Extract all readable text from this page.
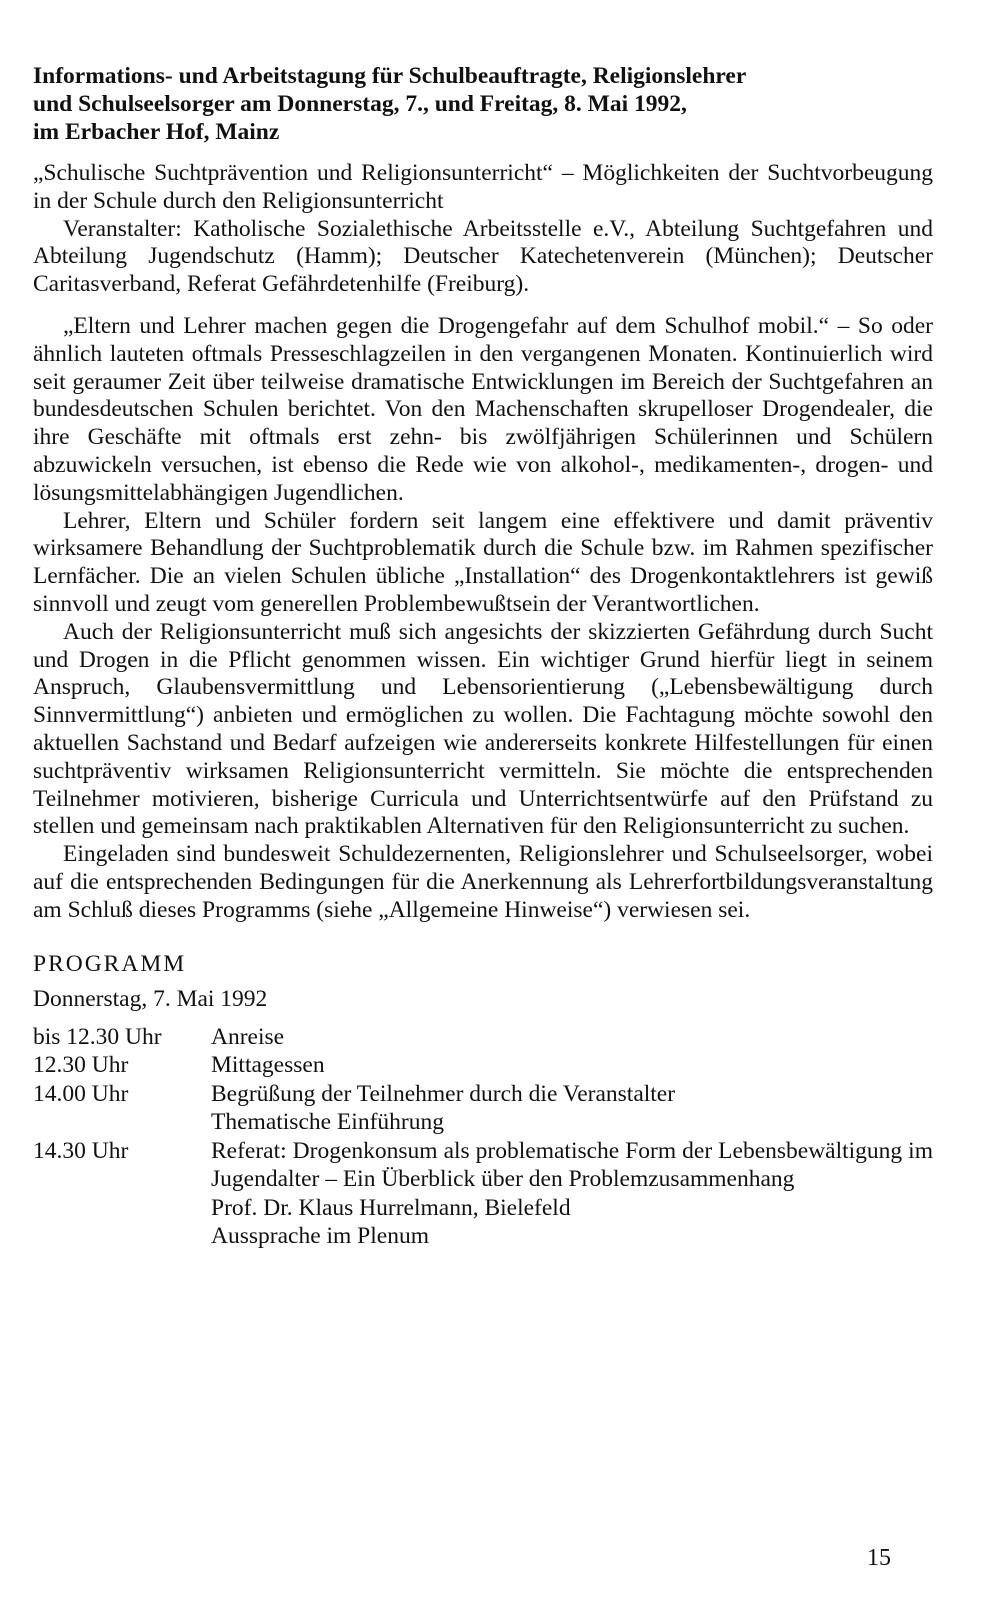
Informations- und Arbeitstagung für Schulbeauftragte, Religionslehrer
und Schulseelsorger am Donnerstag, 7., und Freitag, 8. Mai 1992,
im Erbacher Hof, Mainz

„Schulische Suchtprävention und Religionsunterricht“ – Möglichkeiten der Suchtvorbeugung in der Schule durch den Religionsunterricht

Veranstalter: Katholische Sozialethische Arbeitsstelle e.V., Abteilung Suchtgefahren und Abteilung Jugendschutz (Hamm); Deutscher Katechetenverein (München); Deutscher Caritasverband, Referat Gefährdetenhilfe (Freiburg).

„Eltern und Lehrer machen gegen die Drogengefahr auf dem Schulhof mobil.“ – So oder ähnlich lauteten oftmals Presseschlagzeilen in den vergangenen Monaten. Kontinuierlich wird seit geraumer Zeit über teilweise dramatische Entwicklungen im Bereich der Suchtgefahren an bundesdeutschen Schulen berichtet. Von den Machenschaften skrupelloser Drogendealer, die ihre Geschäfte mit oftmals erst zehn- bis zwölfjährigen Schülerinnen und Schülern abzuwickeln versuchen, ist ebenso die Rede wie von alkohol-, medikamenten-, drogen- und lösungsmittelabhängigen Jugendlichen.

Lehrer, Eltern und Schüler fordern seit langem eine effektivere und damit präventiv wirksamere Behandlung der Suchtproblematik durch die Schule bzw. im Rahmen spezifischer Lernfächer. Die an vielen Schulen übliche „Installation“ des Drogenkontaktlehrers ist gewiß sinnvoll und zeugt vom generellen Problembewußtsein der Verantwortlichen.

Auch der Religionsunterricht muß sich angesichts der skizzierten Gefährdung durch Sucht und Drogen in die Pflicht genommen wissen. Ein wichtiger Grund hierfür liegt in seinem Anspruch, Glaubensvermittlung und Lebensorientierung („Lebensbewältigung durch Sinnvermittlung“) anbieten und ermöglichen zu wollen. Die Fachtagung möchte sowohl den aktuellen Sachstand und Bedarf aufzeigen wie andererseits konkrete Hilfestellungen für einen suchtpräventiv wirksamen Religionsunterricht vermitteln. Sie möchte die entsprechenden Teilnehmer motivieren, bisherige Curricula und Unterrichtsentwürfe auf den Prüfstand zu stellen und gemeinsam nach praktikablen Alternativen für den Religionsunterricht zu suchen.

Eingeladen sind bundesweit Schuldezernenten, Religionslehrer und Schulseelsorger, wobei auf die entsprechenden Bedingungen für die Anerkennung als Lehrerfortbildungsveranstaltung am Schluß dieses Programms (siehe „Allgemeine Hinweise“) verwiesen sei.

PROGRAMM
Donnerstag, 7. Mai 1992
bis 12.30 Uhr	Anreise

12.30 Uhr	Mittagessen

14.00 Uhr	Begrüßung der Teilnehmer durch die Veranstalter
Thematische Einführung

14.30 Uhr	Referat: Drogenkonsum als problematische Form der Lebensbewältigung im Jugendalter – Ein Überblick über den Problemzusammenhang
Prof. Dr. Klaus Hurrelmann, Bielefeld
Aussprache im Plenum
15
